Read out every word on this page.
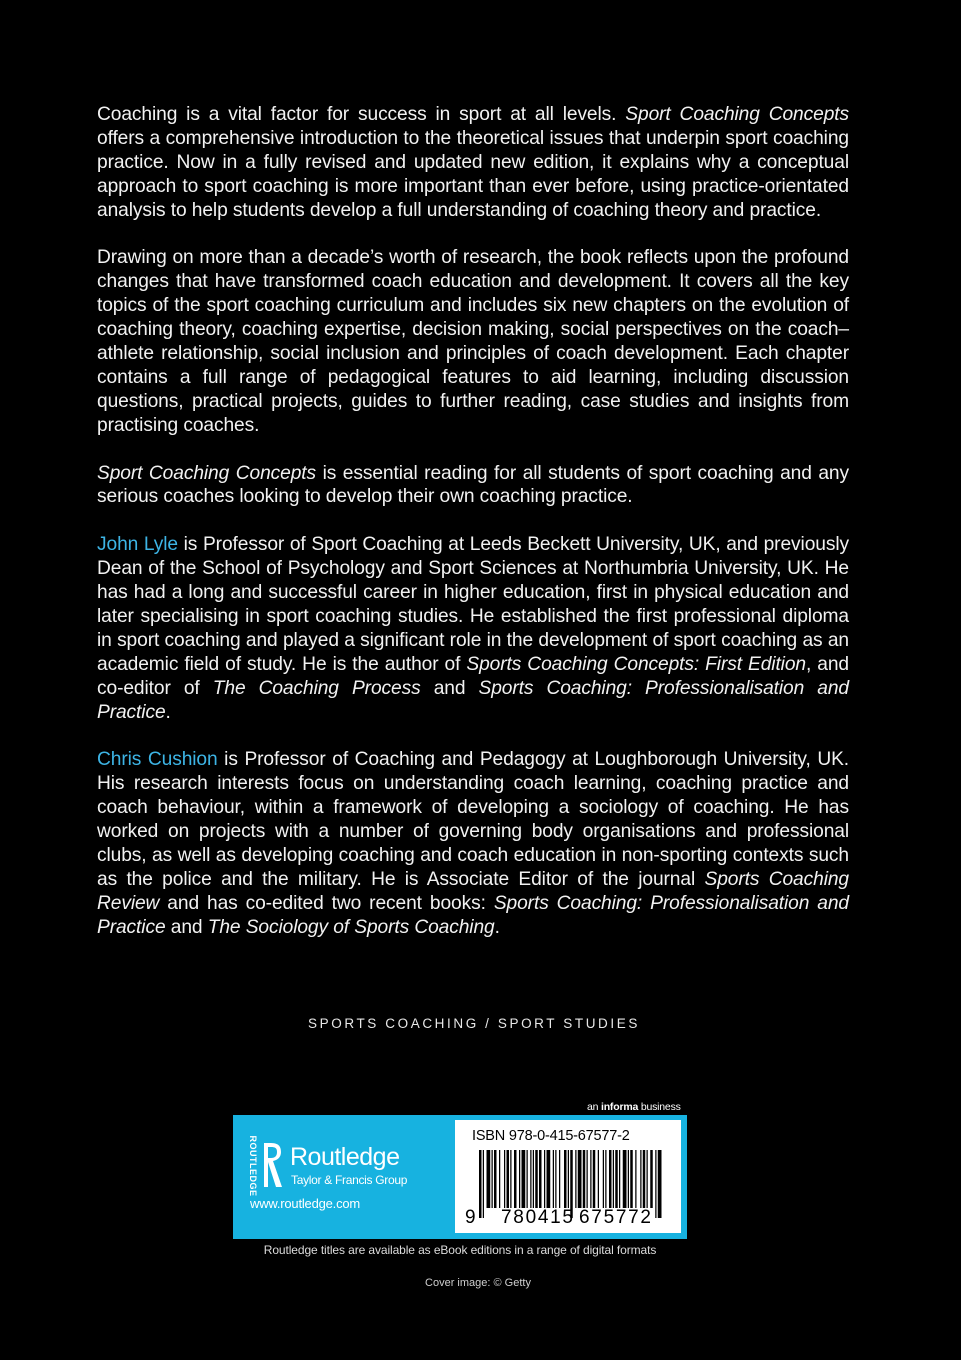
Coaching is a vital factor for success in sport at all levels. Sport Coaching Concepts offers a comprehensive introduction to the theoretical issues that underpin sport coaching practice. Now in a fully revised and updated new edition, it explains why a conceptual approach to sport coaching is more important than ever before, using practice-orientated analysis to help students develop a full understanding of coaching theory and practice.

Drawing on more than a decade’s worth of research, the book reflects upon the profound changes that have transformed coach education and development. It covers all the key topics of the sport coaching curriculum and includes six new chapters on the evolution of coaching theory, coaching expertise, decision making, social perspectives on the coach–athlete relationship, social inclusion and principles of coach development. Each chapter contains a full range of pedagogical features to aid learning, including discussion questions, practical projects, guides to further reading, case studies and insights from practising coaches.

Sport Coaching Concepts is essential reading for all students of sport coaching and any serious coaches looking to develop their own coaching practice.

John Lyle is Professor of Sport Coaching at Leeds Beckett University, UK, and previously Dean of the School of Psychology and Sport Sciences at Northumbria University, UK. He has had a long and successful career in higher education, first in physical education and later specialising in sport coaching studies. He established the first professional diploma in sport coaching and played a significant role in the development of sport coaching as an academic field of study. He is the author of Sports Coaching Concepts: First Edition, and co-editor of The Coaching Process and Sports Coaching: Professionalisation and Practice.

Chris Cushion is Professor of Coaching and Pedagogy at Loughborough University, UK. His research interests focus on understanding coach learning, coaching practice and coach behaviour, within a framework of developing a sociology of coaching. He has worked on projects with a number of governing body organisations and professional clubs, as well as developing coaching and coach education in non-sporting contexts such as the police and the military. He is Associate Editor of the journal Sports Coaching Review and has co-edited two recent books: Sports Coaching: Professionalisation and Practice and The Sociology of Sports Coaching.

SPORTS COACHING / SPORT STUDIES
an informa business
ROUTLEDGE Routledge
Taylor & Francis Group
www.routledge.com
ISBN 978-0-415-67577-2
9 780415 675772
Routledge titles are available as eBook editions in a range of digital formats
Cover image: © Getty
